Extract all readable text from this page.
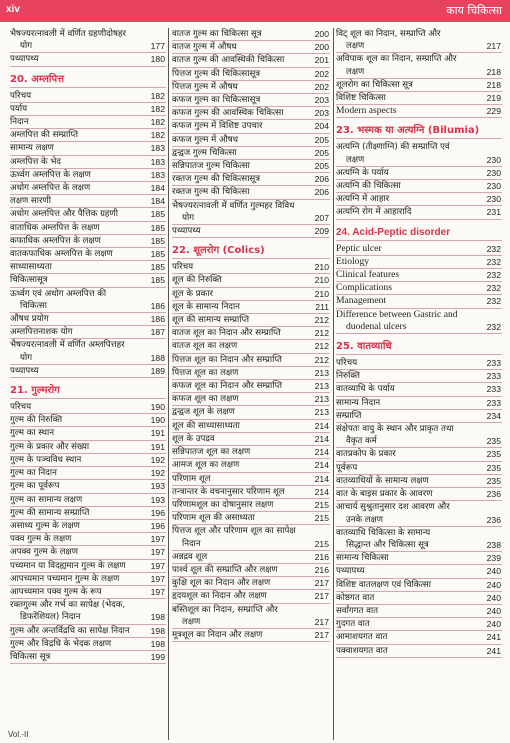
xiv	काय चिकित्सा
भैषज्यरत्नावली में वर्णित ग्रहणीदोषहर
योग	177
पथ्यापथ्य	180
20. अम्लपित्त
परिचय	182
पर्याय	182
निदान	182
अम्लपित्त की सम्प्राप्ति	182
सामान्य लक्षण	183
अम्लपित्त के भेद	183
ऊर्ध्वग अम्लपित्त के लक्षण	183
अधोग अम्लपित्त के लक्षण	184
लक्षण सारणी	184
अधोग अम्लपित्त और पैत्तिक ग्रहणी	185
वाताधिक अम्लपित्त के लक्षण	185
कफाधिक अम्लपित्त के लक्षण	185
वातकफाधिक अम्लपित्त के लक्षण	185
साध्यासाध्यता	185
चिकित्सासूत्र	185
ऊर्ध्वग एवं अधोग अम्लपित्त की
चिकित्सा	186
औषध प्रयोग	186
अम्लपित्तनाशक योग	187
भैषज्यरत्नावली में वर्णित अम्लपित्तहर
योग	188
पथ्यापथ्य	189
21. गुल्मरोग
परिचय	190
गुल्म की निरुक्ति	190
गुल्म का स्थान	191
गुल्म के प्रकार और संख्या	191
गुल्म के पञ्चविध स्थान	192
गुल्म का निदान	192
गुल्म का पूर्वरूप	193
गुल्म का सामान्य लक्षण	193
गुल्म की सामान्य सम्प्राप्ति	196
असाध्य गुल्म के लक्षण	196
पक्व गुल्म के लक्षण	197
अपक्व गुल्म के लक्षण	197
पच्यमान या विदह्यमान गुल्म के लक्षण	197
आपच्यमान पच्यमान गुल्म के लक्षण	197
आपच्यमान पक्व गुल्म के रूप	197
रक्तगुल्म और गर्भ का सापेक्ष (भेदक,
डिफरेंशियल) निदान	198
गुल्म और अन्तर्विद्रधि का सापेक्ष निदान	198
गुल्म और विद्रधि के भेदक लक्षण	198
चिकित्सा सूत्र	199
वातज गुल्म का चिकित्सा सूत्र	200
वातज गुल्म में औषध	200
वातज गुल्म की आवस्थिकी चिकित्सा	201
पित्तज गुल्म की चिकित्सासूत्र	202
पित्तज गुल्म में औषध	202
कफज गुल्म का चिकित्सासूत्र	203
कफज गुल्म की आवस्थिक चिकित्सा	203
कफज गुल्म में विशिष्ट उपचार	204
कफज गुल्म में औषध	205
द्वन्द्वज गुल्म चिकित्सा	205
सन्निपातज गुल्म चिकित्सा	205
रक्तज गुल्म की चिकित्सासूत्र	206
रक्तज गुल्म की चिकित्सा	206
भैषज्यरत्नावली में वर्णित गुल्महर विविध
योग	207
पथ्यापथ्य	209
22. शूलरोग (Colics)
परिचय	210
शूल की निरुक्ति	210
शूल के प्रकार	210
शूल के सामान्य निदान	211
शूल की सामान्य सम्प्राप्ति	212
वातज शूल का निदान और सम्प्राप्ति	212
वातज शूल का लक्षण	212
पित्तज शूल का निदान और सम्प्राप्ति	212
पित्तज शूल का लक्षण	213
कफज शूल का निदान और सम्प्राप्ति	213
कफज शूल का लक्षण	213
द्वन्द्वज शूल के लक्षण	213
शूल की साध्यासाध्यता	214
शूल के उपद्रव	214
सन्निपातज शूल का लक्षण	214
आमज शूल का लक्षण	214
परिणाम शूल	214
तन्त्रान्तर के वचनानुसार परिणाम शूल	214
परिणामशूल का दोषानुसार लक्षण	215
परिणाम शूल की असाध्यता	215
पित्तज शूल और परिणाम शूल का सापेक्ष
निदान	215
अन्नद्रव शूल	216
पार्श्व शूल की सम्प्राप्ति और लक्षण	216
कुक्षि शूल का निदान और लक्षण	217
हृदयशूल का निदान और लक्षण	217
बस्तिशूल का निदान, सम्प्राप्ति और
लक्षण	217
मूत्रशूल का निदान और लक्षण	217
विट् शूल का निदान, सम्प्राप्ति और
लक्षण	217
अविपाक शूल का निदान, सम्प्राप्ति और
लक्षण	218
शूलरोग का चिकित्सा सूत्र	218
विशिष्ट चिकित्सा	219
Modern aspects	229
23. भस्मक या अत्यग्नि (Bilumia)
अत्यग्नि (तीक्ष्णाग्नि) की सम्प्राप्ति एवं
लक्षण	230
अत्यग्नि के पर्याय	230
अत्यग्नि की चिकित्सा	230
अत्यग्नि में आहार	230
अत्यग्नि रोग में आहारादि	231
24. Acid-Peptic disorder
Peptic ulcer	232
Etiology	232
Clinical features	232
Complications	232
Management	232
Difference between Gastric and
duodenal ulcers	232
25. वातव्याधि
परिचय	233
निरुक्ति	233
वातव्याधि के पर्याय	233
सामान्य निदान	233
सम्प्राप्ति	234
संक्षेपतः वायु के स्थान और प्राकृत तथा
वैकृत कर्म	235
वातप्रकोप के प्रकार	235
पूर्वरूप	235
वातव्याधियों के सामान्य लक्षण	235
वात के बाइस प्रकार के आवरण	236
आचार्य सुश्रुतानुसार दश आवरण और
उनके लक्षण	236
वातव्याधि चिकित्सा के सामान्य
सिद्धान्त और चिकित्सा सूत्र	238
सामान्य चिकित्सा	239
पथ्यापथ्य	240
विशिष्ट वातलक्षण एवं चिकित्सा	240
कोष्ठगत वात	240
सर्वांगगत वात	240
गुदगत वात	240
आमाशयगत वात	241
पक्वाशयगत वात	241
Vol.-II
